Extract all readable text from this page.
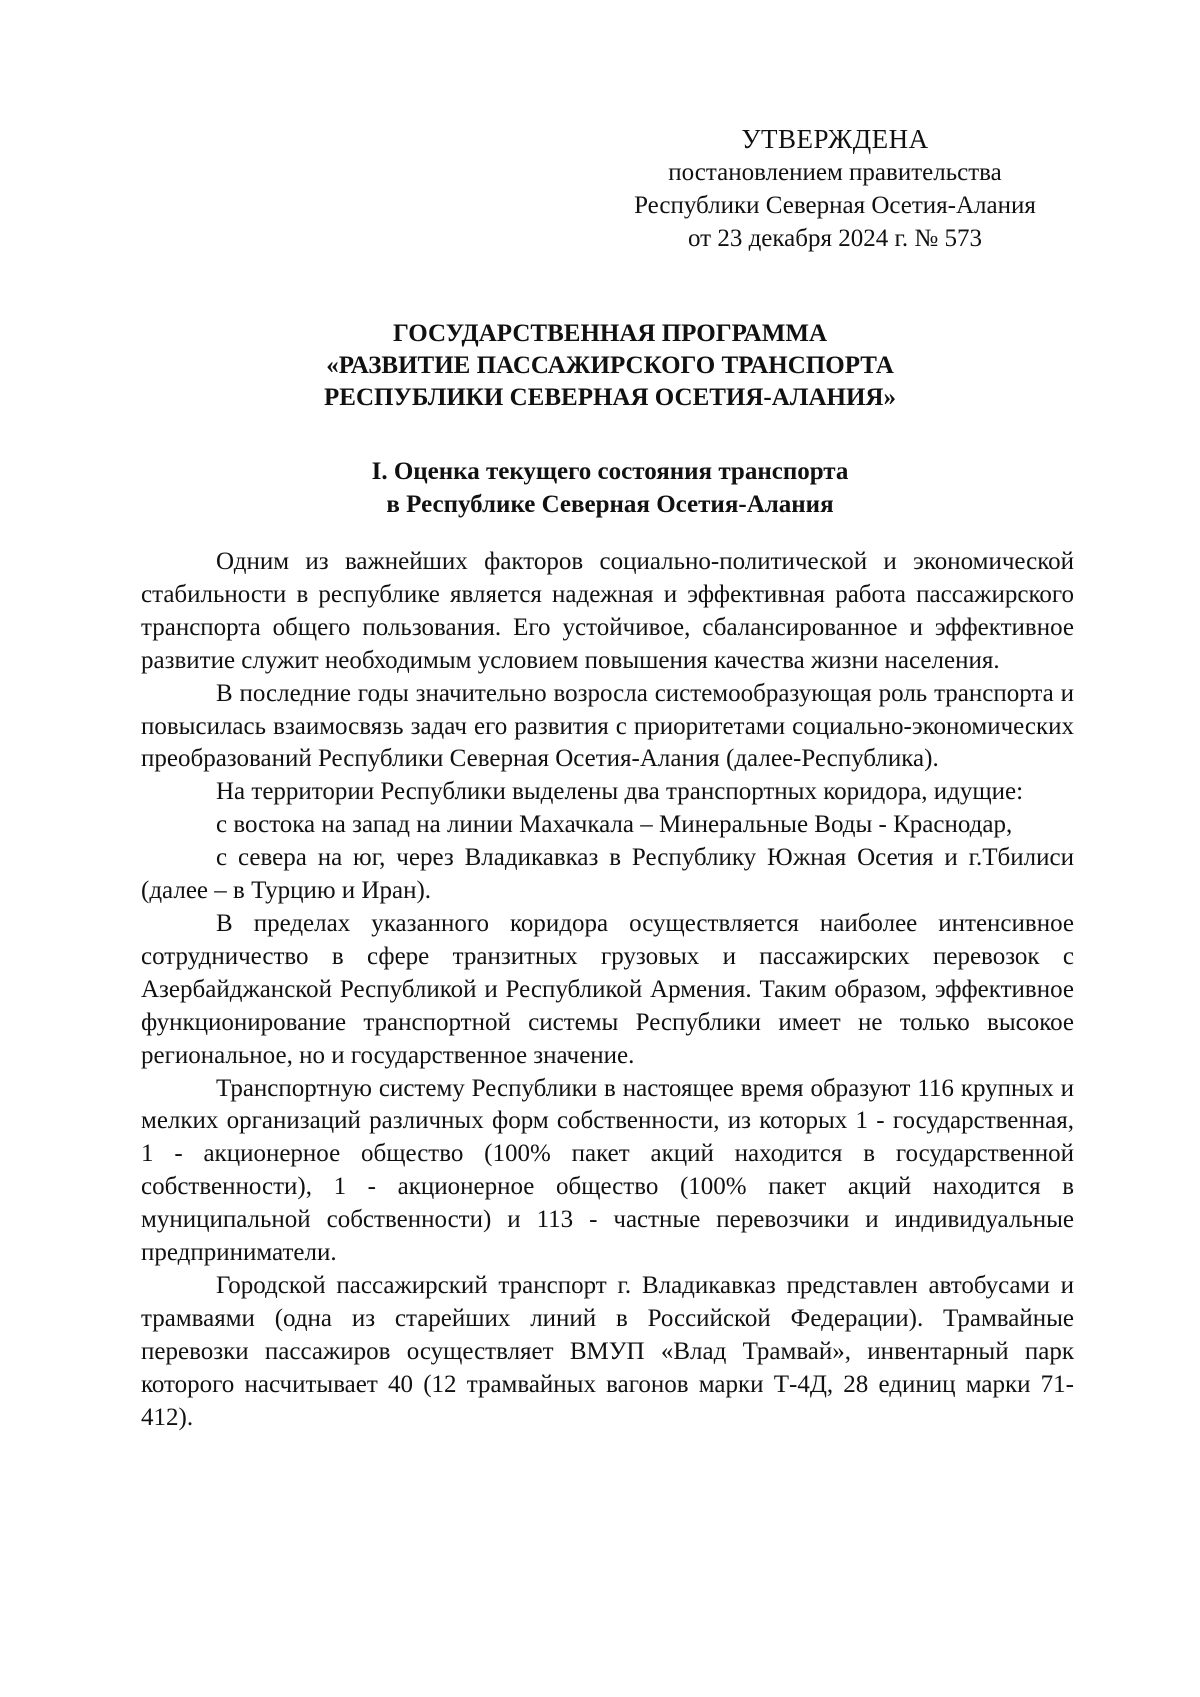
УТВЕРЖДЕНА
постановлением правительства
Республики Северная Осетия-Алания
от 23 декабря 2024 г. № 573
ГОСУДАРСТВЕННАЯ ПРОГРАММА
«РАЗВИТИЕ ПАССАЖИРСКОГО ТРАНСПОРТА
РЕСПУБЛИКИ СЕВЕРНАЯ ОСЕТИЯ-АЛАНИЯ»
I. Оценка текущего состояния транспорта
в Республике Северная Осетия-Алания

Одним из важнейших факторов социально-политической и экономической стабильности в республике является надежная и эффективная работа пассажирского транспорта общего пользования. Его устойчивое, сбалансированное и эффективное развитие служит необходимым условием повышения качества жизни населения.

В последние годы значительно возросла системообразующая роль транспорта и повысилась взаимосвязь задач его развития с приоритетами социально-экономических преобразований Республики Северная Осетия-Алания (далее-Республика).

На территории Республики выделены два транспортных коридора, идущие:

с востока на запад на линии Махачкала – Минеральные Воды - Краснодар,

с севера на юг, через Владикавказ в Республику Южная Осетия и г.Тбилиси (далее – в Турцию и Иран).

В пределах указанного коридора осуществляется наиболее интенсивное сотрудничество в сфере транзитных грузовых и пассажирских перевозок с Азербайджанской Республикой и Республикой Армения. Таким образом, эффективное функционирование транспортной системы Республики имеет не только высокое региональное, но и государственное значение.

Транспортную систему Республики в настоящее время образуют 116 крупных и мелких организаций различных форм собственности, из которых 1 - государственная, 1 - акционерное общество (100% пакет акций находится в государственной собственности), 1 - акционерное общество (100% пакет акций находится в муниципальной собственности) и 113 - частные перевозчики и индивидуальные предприниматели.

Городской пассажирский транспорт г. Владикавказ представлен автобусами и трамваями (одна из старейших линий в Российской Федерации). Трамвайные перевозки пассажиров осуществляет ВМУП «Влад Трамвай», инвентарный парк которого насчитывает 40 (12 трамвайных вагонов марки Т-4Д, 28 единиц марки 71-412).
